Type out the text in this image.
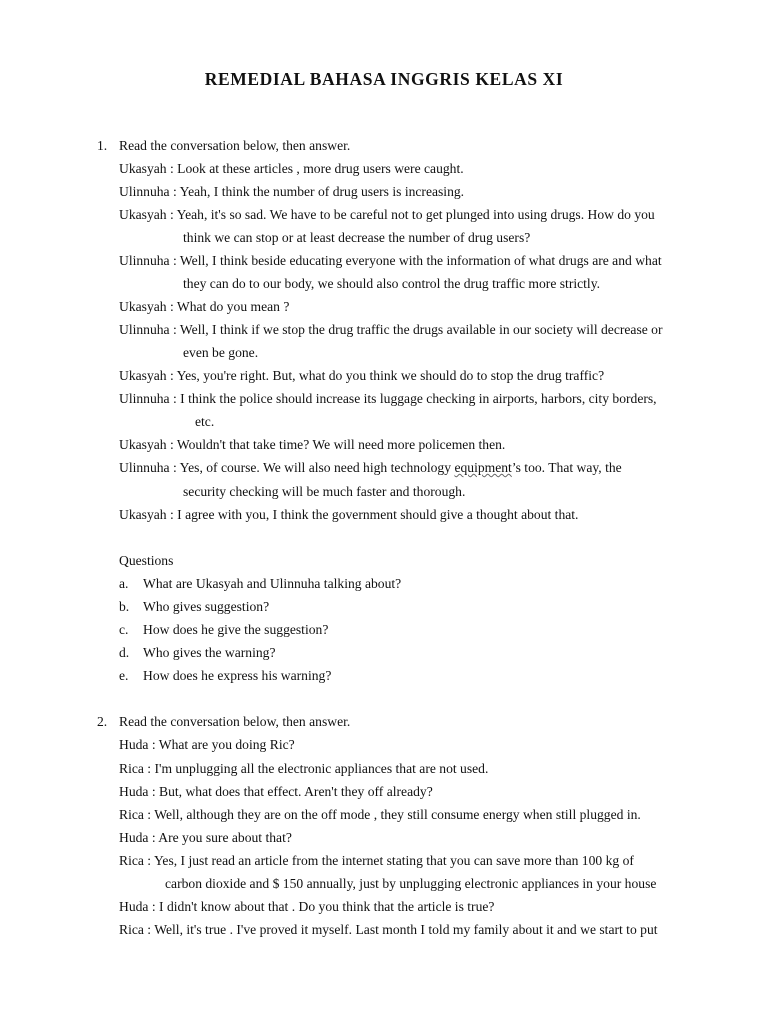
REMEDIAL BAHASA INGGRIS KELAS XI
1. Read the conversation below, then answer.
Ukasyah : Look at these articles , more drug users were caught.
Ulinnuha : Yeah, I think the number of drug users is increasing.
Ukasyah : Yeah, it's so sad. We have to be careful not to get plunged into using drugs. How do you
think we can stop or at least decrease the number of drug users?
Ulinnuha : Well, I think beside educating everyone with the information of what drugs are and what
they can do to our body, we should also control the drug traffic more strictly.
Ukasyah : What do you mean ?
Ulinnuha : Well, I think if we stop the drug traffic the drugs available in our society will decrease or
even be gone.
Ukasyah : Yes, you're right. But, what do you think we should do to stop the drug traffic?
Ulinnuha : I think the police should increase its luggage checking in airports, harbors, city borders,
etc.
Ukasyah : Wouldn't that take time? We will need more policemen then.
Ulinnuha : Yes, of course. We will also need high technology equipment’s too. That way, the
security checking will be much faster and thorough.
Ukasyah : I agree with you, I think the government should give a thought about that.
Questions
a. What are Ukasyah and Ulinnuha talking about?
b. Who gives suggestion?
c. How does he give the suggestion?
d. Who gives the warning?
e. How does he express his warning?
2. Read the conversation below, then answer.
Huda : What are you doing Ric?
Rica : I'm unplugging all the electronic appliances that are not used.
Huda : But, what does that effect. Aren't they off already?
Rica : Well, although they are on the off mode , they still consume energy when still plugged in.
Huda : Are you sure about that?
Rica : Yes, I just read an article from the internet stating that you can save more than 100 kg of
carbon dioxide and $ 150 annually, just by unplugging electronic appliances in your house
Huda : I didn't know about that . Do you think that the article is true?
Rica : Well, it's true . I've proved it myself. Last month I told my family about it and we start to put
